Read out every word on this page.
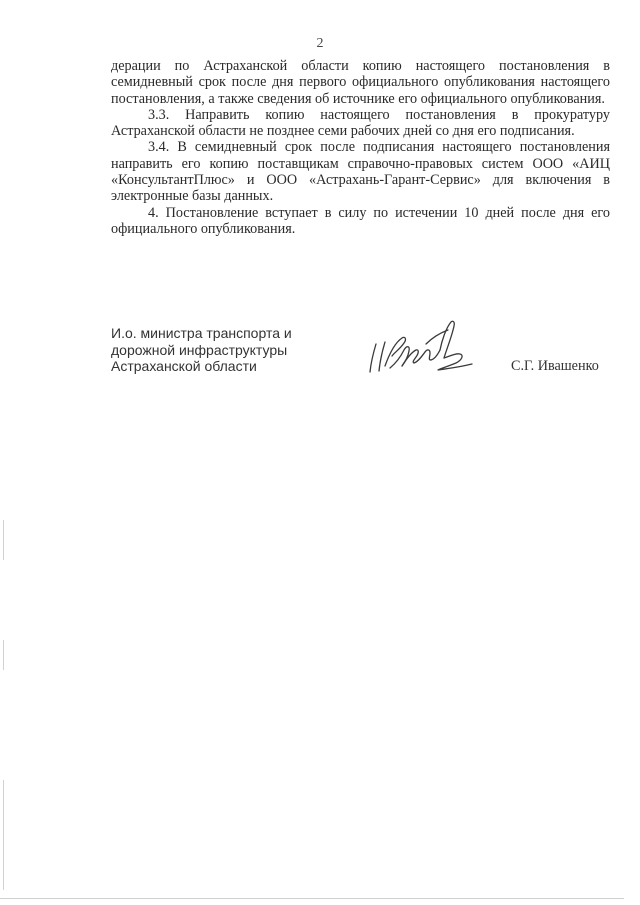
2

дерации по Астраханской области копию настоящего постановления в семидневный срок после дня первого официального опубликования настоящего постановления, а также сведения об источнике его официального опубликования.

3.3. Направить копию настоящего постановления в прокуратуру Астраханской области не позднее семи рабочих дней со дня его подписания.

3.4. В семидневный срок после подписания настоящего постановления направить его копию поставщикам справочно-правовых систем ООО «АИЦ «КонсультантПлюс» и ООО «Астрахань-Гарант-Сервис» для включения в электронные базы данных.

4. Постановление вступает в силу по истечении 10 дней после дня его официального опубликования.

И.о. министра транспорта и
дорожной инфраструктуры
Астраханской области	С.Г. Ивашенко
